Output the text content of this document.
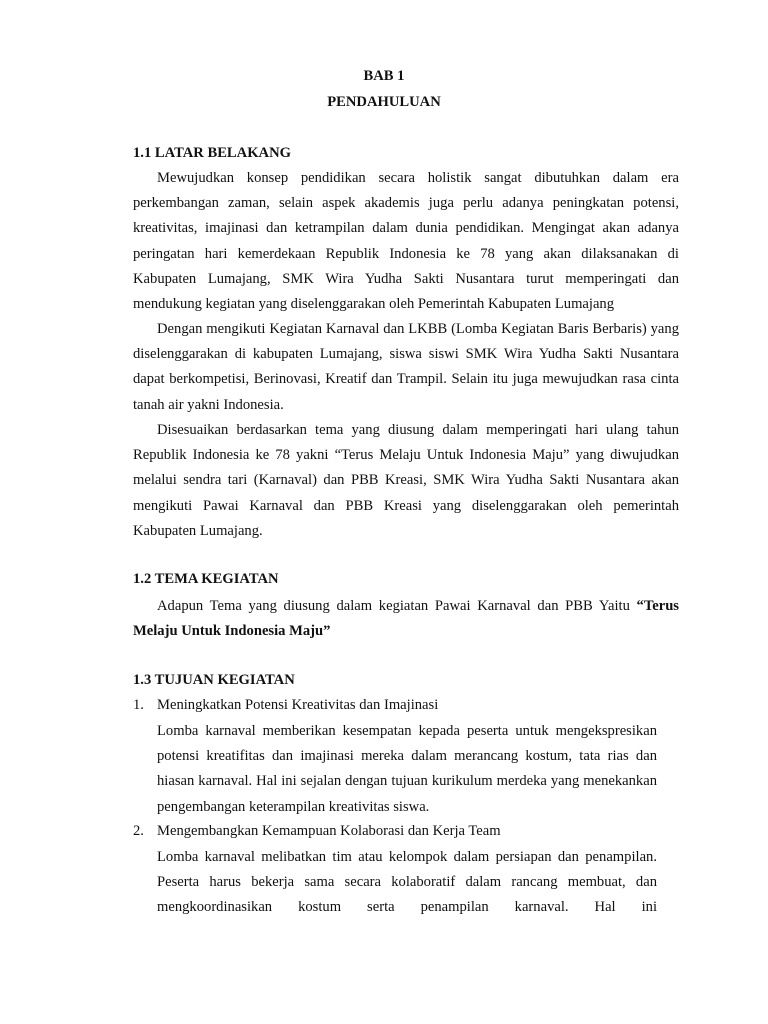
BAB 1
PENDAHULUAN
1.1 LATAR BELAKANG

Mewujudkan konsep pendidikan secara holistik sangat dibutuhkan dalam era perkembangan zaman, selain aspek akademis juga perlu adanya peningkatan potensi, kreativitas, imajinasi dan ketrampilan dalam dunia pendidikan. Mengingat akan adanya peringatan hari kemerdekaan Republik Indonesia ke 78 yang akan dilaksanakan di Kabupaten Lumajang, SMK Wira Yudha Sakti Nusantara turut memperingati dan mendukung kegiatan yang diselenggarakan oleh Pemerintah Kabupaten Lumajang

Dengan mengikuti Kegiatan Karnaval dan LKBB (Lomba Kegiatan Baris Berbaris) yang diselenggarakan di kabupaten Lumajang, siswa siswi SMK Wira Yudha Sakti Nusantara dapat berkompetisi, Berinovasi, Kreatif dan Trampil. Selain itu juga mewujudkan rasa cinta tanah air yakni Indonesia.

Disesuaikan berdasarkan tema yang diusung dalam memperingati hari ulang tahun Republik Indonesia ke 78 yakni “Terus Melaju Untuk Indonesia Maju” yang diwujudkan melalui sendra tari (Karnaval) dan PBB Kreasi, SMK Wira Yudha Sakti Nusantara akan mengikuti Pawai Karnaval dan PBB Kreasi yang diselenggarakan oleh pemerintah Kabupaten Lumajang.

1.2 TEMA KEGIATAN

Adapun Tema yang diusung dalam kegiatan Pawai Karnaval dan PBB Yaitu “Terus Melaju Untuk Indonesia Maju”

1.3 TUJUAN KEGIATAN
1. Meningkatkan Potensi Kreativitas dan Imajinasi

Lomba karnaval memberikan kesempatan kepada peserta untuk mengekspresikan potensi kreatifitas dan imajinasi mereka dalam merancang kostum, tata rias dan hiasan karnaval. Hal ini sejalan dengan tujuan kurikulum merdeka yang menekankan pengembangan keterampilan kreativitas siswa.

2. Mengembangkan Kemampuan Kolaborasi dan Kerja Team

Lomba karnaval melibatkan tim atau kelompok dalam persiapan dan penampilan. Peserta harus bekerja sama secara kolaboratif dalam rancang membuat, dan mengkoordinasikan kostum serta penampilan karnaval. Hal ini
